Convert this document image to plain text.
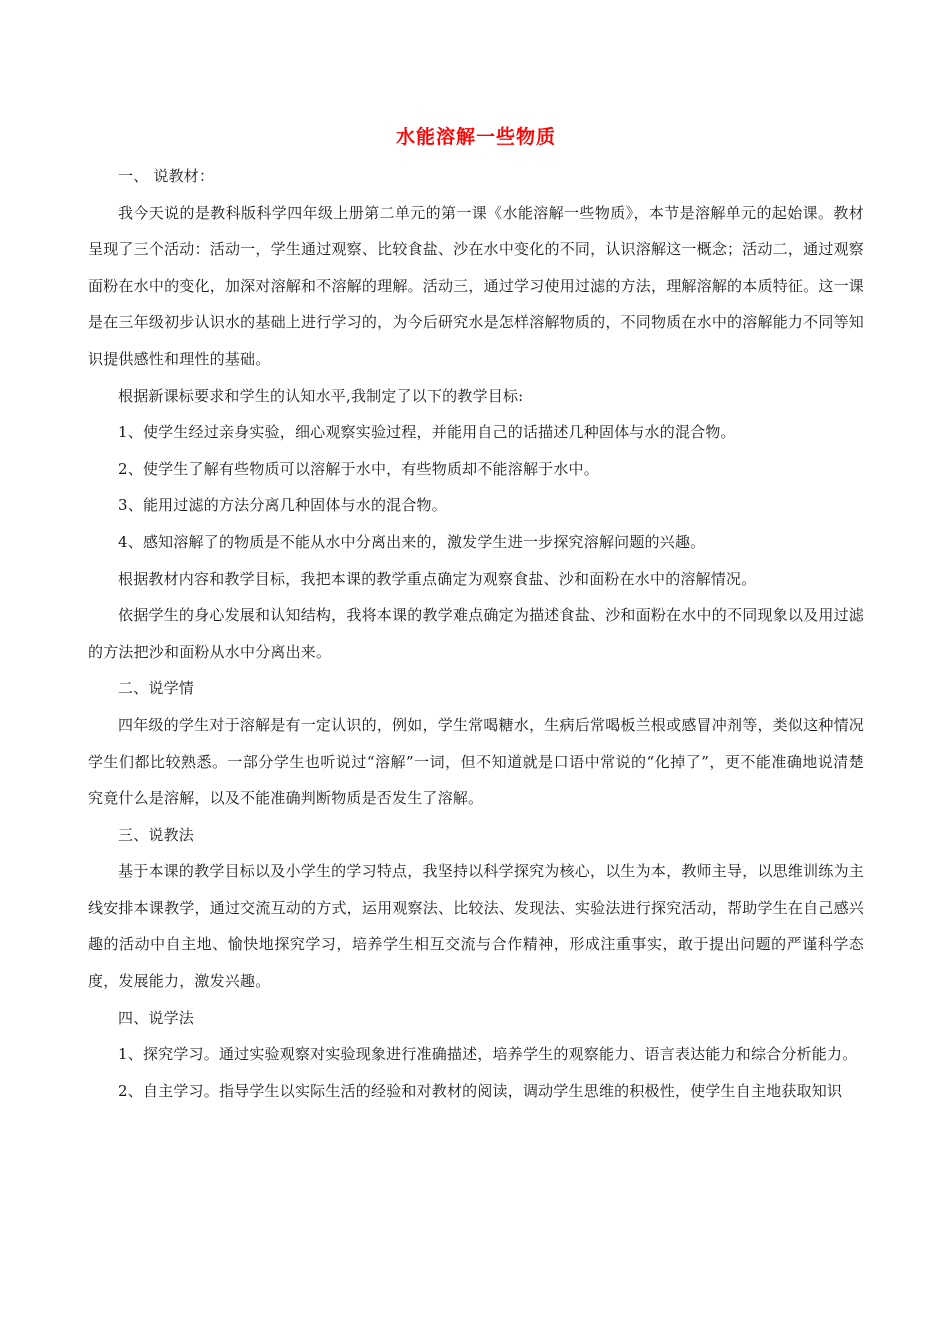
水能溶解一些物质

一、 说教材：

我今天说的是教科版科学四年级上册第二单元的第一课《水能溶解一些物质》，本节是溶解单元的起始课。教材呈现了三个活动：活动一，学生通过观察、比较食盐、沙在水中变化的不同，认识溶解这一概念；活动二，通过观察面粉在水中的变化，加深对溶解和不溶解的理解。活动三，通过学习使用过滤的方法，理解溶解的本质特征。这一课是在三年级初步认识水的基础上进行学习的，为今后研究水是怎样溶解物质的，不同物质在水中的溶解能力不同等知识提供感性和理性的基础。

根据新课标要求和学生的认知水平,我制定了以下的教学目标:

1、使学生经过亲身实验，细心观察实验过程，并能用自己的话描述几种固体与水的混合物。

2、使学生了解有些物质可以溶解于水中，有些物质却不能溶解于水中。

3、能用过滤的方法分离几种固体与水的混合物。

4、感知溶解了的物质是不能从水中分离出来的，激发学生进一步探究溶解问题的兴趣。

根据教材内容和教学目标，我把本课的教学重点确定为观察食盐、沙和面粉在水中的溶解情况。

依据学生的身心发展和认知结构，我将本课的教学难点确定为描述食盐、沙和面粉在水中的不同现象以及用过滤的方法把沙和面粉从水中分离出来。

二、说学情

四年级的学生对于溶解是有一定认识的，例如，学生常喝糖水，生病后常喝板兰根或感冒冲剂等，类似这种情况学生们都比较熟悉。一部分学生也听说过“溶解”一词，但不知道就是口语中常说的“化掉了”，更不能准确地说清楚究竟什么是溶解，以及不能准确判断物质是否发生了溶解。

三、说教法

基于本课的教学目标以及小学生的学习特点，我坚持以科学探究为核心，以生为本，教师主导，以思维训练为主线安排本课教学，通过交流互动的方式，运用观察法、比较法、发现法、实验法进行探究活动，帮助学生在自己感兴趣的活动中自主地、愉快地探究学习，培养学生相互交流与合作精神，形成注重事实，敢于提出问题的严谨科学态度，发展能力，激发兴趣。

四、说学法

1、探究学习。通过实验观察对实验现象进行准确描述，培养学生的观察能力、语言表达能力和综合分析能力。

2、自主学习。指导学生以实际生活的经验和对教材的阅读，调动学生思维的积极性，使学生自主地获取知识
